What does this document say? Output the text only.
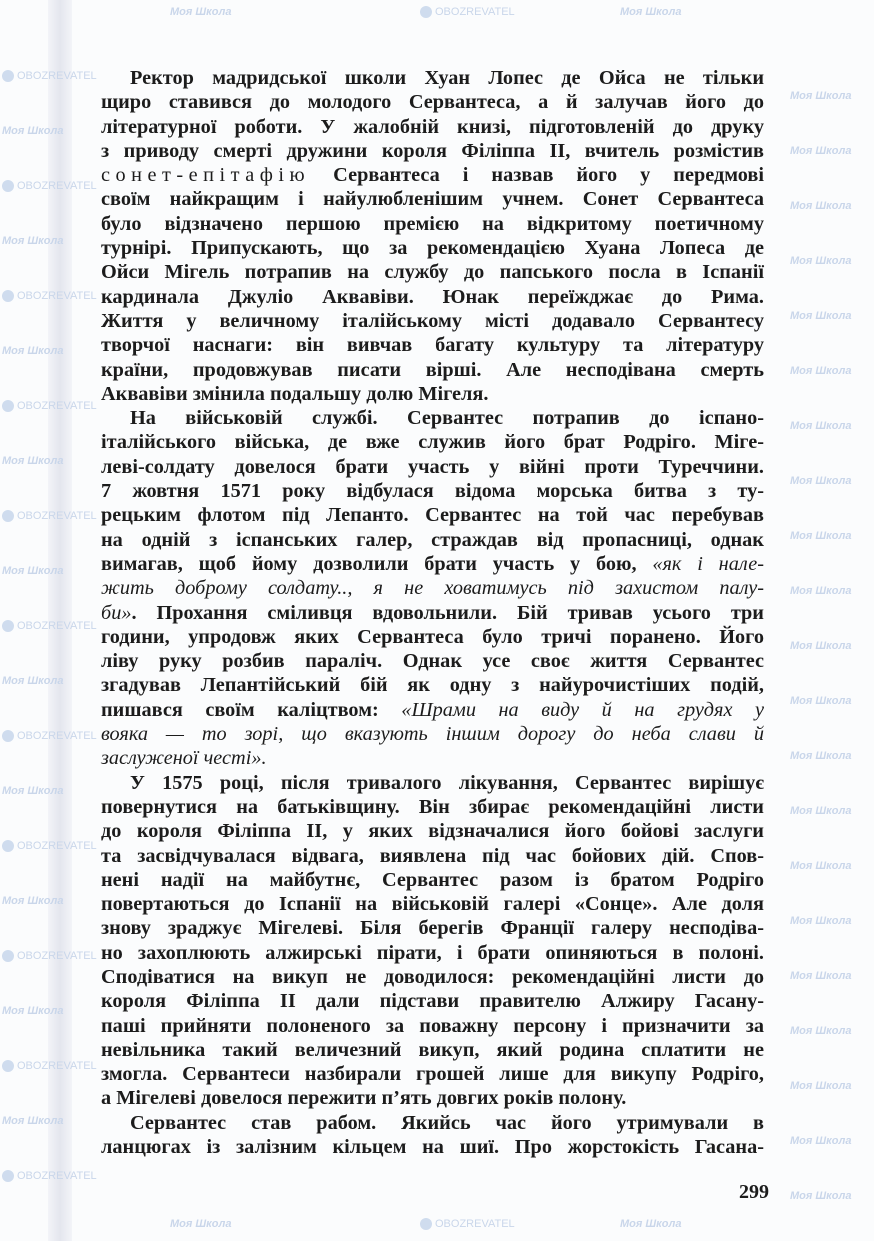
OBOZREVATEL
Моя Школа
Моя Школа
Моя Школа
OBOZREVATEL
Моя Школа
Моя Школа
Моя Школа
OBOZREVATEL
Моя Школа
Моя Школа
Моя Школа
OBOZREVATEL
Моя Школа
Моя Школа
Моя Школа
OBOZREVATEL
Моя Школа
Моя Школа
Моя Школа
OBOZREVATEL
Моя Школа
Моя Школа
Моя Школа
OBOZREVATEL
Моя Школа
Моя Школа
Моя Школа
OBOZREVATEL
Моя Школа
Моя Школа
Моя Школа
OBOZREVATEL
Моя Школа
Моя Школа
Моя Школа
OBOZREVATEL
Моя Школа
Моя Школа
Моя Школа
OBOZREVATEL
Моя Школа
Моя Школа
Моя Школа
OBOZREVATEL
OBOZREVATEL
Моя Школа
Моя Школа
Ректор мадридської школи Хуан Лопес де Ойса не тільки
щиро ставився до молодого Сервантеса, а й залучав його до
літературної роботи. У жалобній книзі, підготовленій до друку
з приводу смерті дружини короля Філіппа II, вчитель розмістив
сонет-епітафію Сервантеса і назвав його у передмові
своїм найкращим і найулюбленішим учнем. Сонет Сервантеса
було відзначено першою премією на відкритому поетичному
турнірі. Припускають, що за рекомендацією Хуана Лопеса де
Ойси Мігель потрапив на службу до папського посла в Іспанії
кардинала Джуліо Аквавіви. Юнак переїжджає до Рима.
Життя у величному італійському місті додавало Сервантесу
творчої наснаги: він вивчав багату культуру та літературу
країни, продовжував писати вірші. Але несподівана смерть
Аквавіви змінила подальшу долю Мігеля.
На військовій службі. Сервантес потрапив до іспано-
італійського війська, де вже служив його брат Родріго. Міге-
леві-солдату довелося брати участь у війні проти Туреччини.
7 жовтня 1571 року відбулася відома морська битва з ту-
рецьким флотом під Лепанто. Сервантес на той час перебував
на одній з іспанських галер, страждав від пропасниці, однак
вимагав, щоб йому дозволили брати участь у бою, «як і нале-
жить доброму солдату.., я не ховатимусь під захистом палу-
би». Прохання сміливця вдовольнили. Бій тривав усього три
години, упродовж яких Сервантеса було тричі поранено. Його
ліву руку розбив параліч. Однак усе своє життя Сервантес
згадував Лепантійський бій як одну з найурочистіших подій,
пишався своїм каліцтвом: «Шрами на виду й на грудях у
вояка — то зорі, що вказують іншим дорогу до неба слави й
заслуженої честі».
У 1575 році, після тривалого лікування, Сервантес вирішує
повернутися на батьківщину. Він збирає рекомендаційні листи
до короля Філіппа II, у яких відзначалися його бойові заслуги
та засвідчувалася відвага, виявлена під час бойових дій. Спов-
нені надії на майбутнє, Сервантес разом із братом Родріго
повертаються до Іспанії на військовій галері «Сонце». Але доля
знову зраджує Мігелеві. Біля берегів Франції галеру несподіва-
но захоплюють алжирські пірати, і брати опиняються в полоні.
Сподіватися на викуп не доводилося: рекомендаційні листи до
короля Філіппа II дали підстави правителю Алжиру Гасану-
паші прийняти полоненого за поважну персону і призначити за
невільника такий величезний викуп, який родина сплатити не
змогла. Сервантеси назбирали грошей лише для викупу Родріго,
а Мігелеві довелося пережити п’ять довгих років полону.
Сервантес став рабом. Якийсь час його утримували в
ланцюгах із залізним кільцем на шиї. Про жорстокість Гасана-
299
